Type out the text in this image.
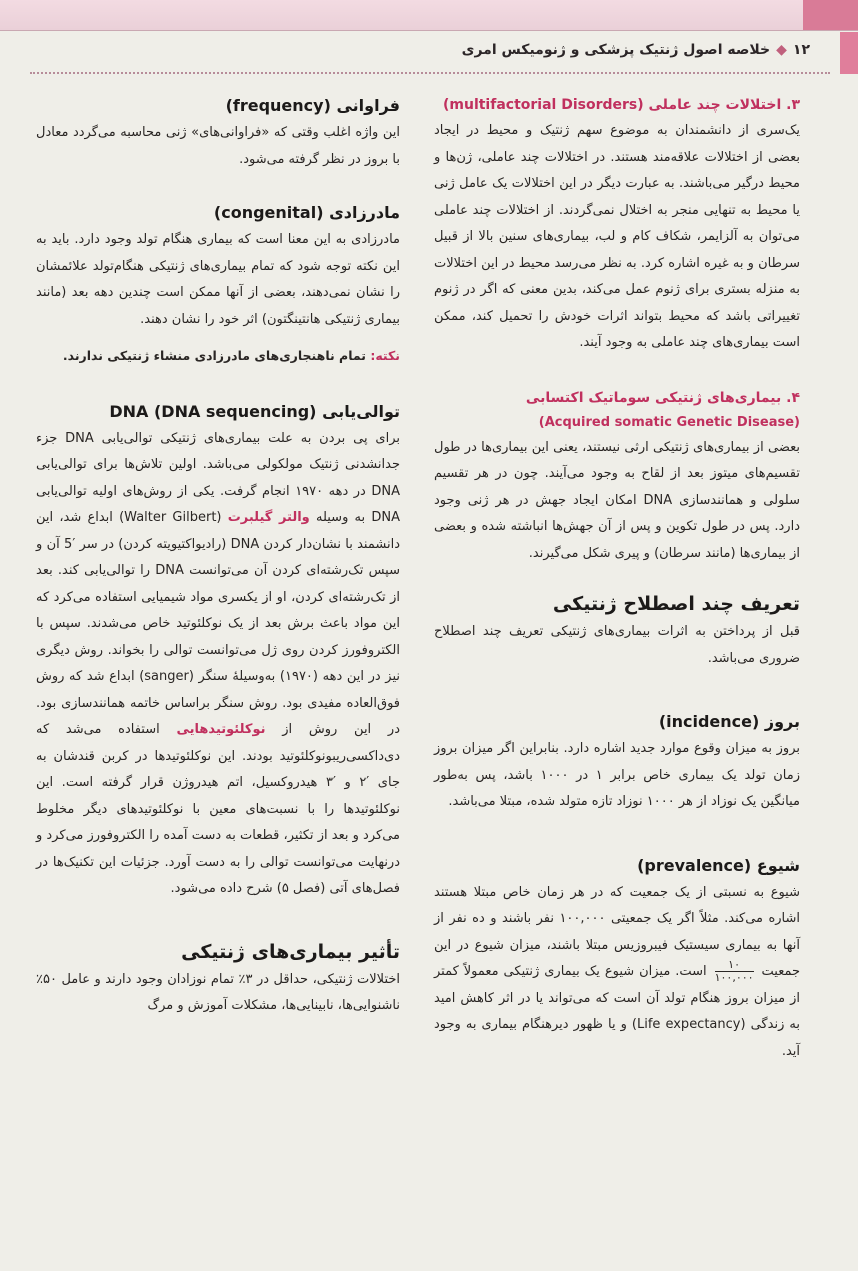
۱۲◆خلاصه اصول ژنتیک پزشکی و ژنومیکس امری

۳. اختلالات چند عاملی (multifactorial Disorders)

یک‌سری از دانشمندان به موضوع سهم ژنتیک و محیط در ایجاد بعضی از اختلالات علاقه‌مند هستند. در اختلالات چند عاملی، ژن‌ها و محیط درگیر می‌باشند. به عبارت دیگر در این اختلالات یک عامل ژنی یا محیط به تنهایی منجر به اختلال نمی‌گردند. از اختلالات چند عاملی می‌توان به آلزایمر، شکاف کام و لب، بیماری‌های سنین بالا از قبیل سرطان و به غیره اشاره کرد. به نظر می‌رسد محیط در این اختلالات به منزله بستری برای ژنوم عمل می‌کند، بدین معنی که اگر در ژنوم تغییراتی باشد که محیط بتواند اثرات خودش را تحمیل کند، ممکن است بیماری‌های چند عاملی به وجود آیند.

۴. بیماری‌های ژنتیکی سوماتیک اکتسابی

(Acquired somatic Genetic Disease)

بعضی از بیماری‌های ژنتیکی ارثی نیستند، یعنی این بیماری‌ها در طول تقسیم‌های میتوز بعد از لقاح به وجود می‌آیند. چون در هر تقسیم سلولی و همانندسازی DNA امکان ایجاد جهش در هر ژنی وجود دارد. پس در طول تکوین و پس از آن جهش‌ها انباشته شده و بعضی از بیماری‌ها (مانند سرطان) و پیری شکل می‌گیرند.

تعریف چند اصطلاح ژنتیکی

قبل از پرداختن به اثرات بیماری‌های ژنتیکی تعریف چند اصطلاح ضروری می‌باشد.

بروز (incidence)

بروز به میزان وقوع موارد جدید اشاره دارد. بنابراین اگر میزان بروز زمان تولد یک بیماری خاص برابر ۱ در ۱۰۰۰ باشد، پس به‌طور میانگین یک نوزاد از هر ۱۰۰۰ نوزاد تازه متولد شده، مبتلا می‌باشد.

شیوع (prevalence)

شیوع به نسبتی از یک جمعیت که در هر زمان خاص مبتلا هستند اشاره می‌کند. مثلاً اگر یک جمعیتی ۱۰۰,۰۰۰ نفر باشند و ده نفر از آنها به بیماری سیستیک فیبروزیس مبتلا باشند، میزان شیوع در این جمعیت
$\frac{۱۰}{۱۰۰,۰۰۰}$
است. میزان شیوع یک بیماری ژنتیکی معمولاً کمتر از میزان بروز هنگام تولد آن است که می‌تواند یا در اثر کاهش امید به زندگی (Life expectancy) و یا ظهور دیرهنگام بیماری به وجود آید.

فراوانی (frequency)

این واژه اغلب وقتی که «فراوانی‌های» ژنی محاسبه می‌گردد معادل با بروز در نظر گرفته می‌شود.

مادرزادی (congenital)

مادرزادی به این معنا است که بیماری هنگام تولد وجود دارد. باید به این نکته توجه شود که تمام بیماری‌های ژنتیکی هنگام‌تولد علائمشان را نشان نمی‌دهند، بعضی از آنها ممکن است چندین دهه بعد (مانند بیماری ژنتیکی هانتینگتون) اثر خود را نشان دهند.

نکته: تمام ناهنجاری‌های مادرزادی منشاء ژنتیکی ندارند.

توالی‌یابی DNA (DNA sequencing)

برای پی بردن به علت بیماری‌های ژنتیکی توالی‌یابی DNA جزء جدانشدنی ژنتیک مولکولی می‌باشد. اولین تلاش‌ها برای توالی‌یابی DNA در دهه ۱۹۷۰ انجام گرفت. یکی از روش‌های اولیه توالی‌یابی DNA به وسیله والتر گیلبرت (Walter Gilbert) ابداع شد، این دانشمند با نشان‌دار کردن DNA (رادیواکتیویته کردن) در سر ′5 آن و سپس تک‌رشته‌ای کردن آن می‌توانست DNA را توالی‌یابی کند. بعد از تک‌رشته‌ای کردن، او از یکسری مواد شیمیایی استفاده می‌کرد که این مواد باعث برش بعد از یک نوکلئوتید خاص می‌شدند. سپس با الکتروفورز کردن روی ژل می‌توانست توالی را بخواند. روش دیگری نیز در این دهه (۱۹۷۰) به‌وسیلهٔ سنگر (sanger) ابداع شد که روش فوق‌العاده مفیدی بود. روش سنگر براساس خاتمه همانندسازی بود. در این روش از نوکلئوتیدهایی استفاده می‌شد که دی‌داکسی‌ریبونوکلئوتید بودند. این نوکلئوتیدها در کربن قندشان به جای ′۲ و ′۳ هیدروکسیل، اتم هیدروژن قرار گرفته است. این نوکلئوتیدها را با نسبت‌های معین با نوکلئوتیدهای دیگر مخلوط می‌کرد و بعد از تکثیر، قطعات به دست آمده را الکتروفورز می‌کرد و درنهایت می‌توانست توالی را به دست آورد. جزئیات این تکنیک‌ها در فصل‌های آتی (فصل ۵) شرح داده می‌شود.

تأثیر بیماری‌های ژنتیکی

اختلالات ژنتیکی، حداقل در ۳٪ تمام نوزادان وجود دارند و عامل ۵۰٪ ناشنوایی‌ها، نابینایی‌ها، مشکلات آموزش و مرگ
